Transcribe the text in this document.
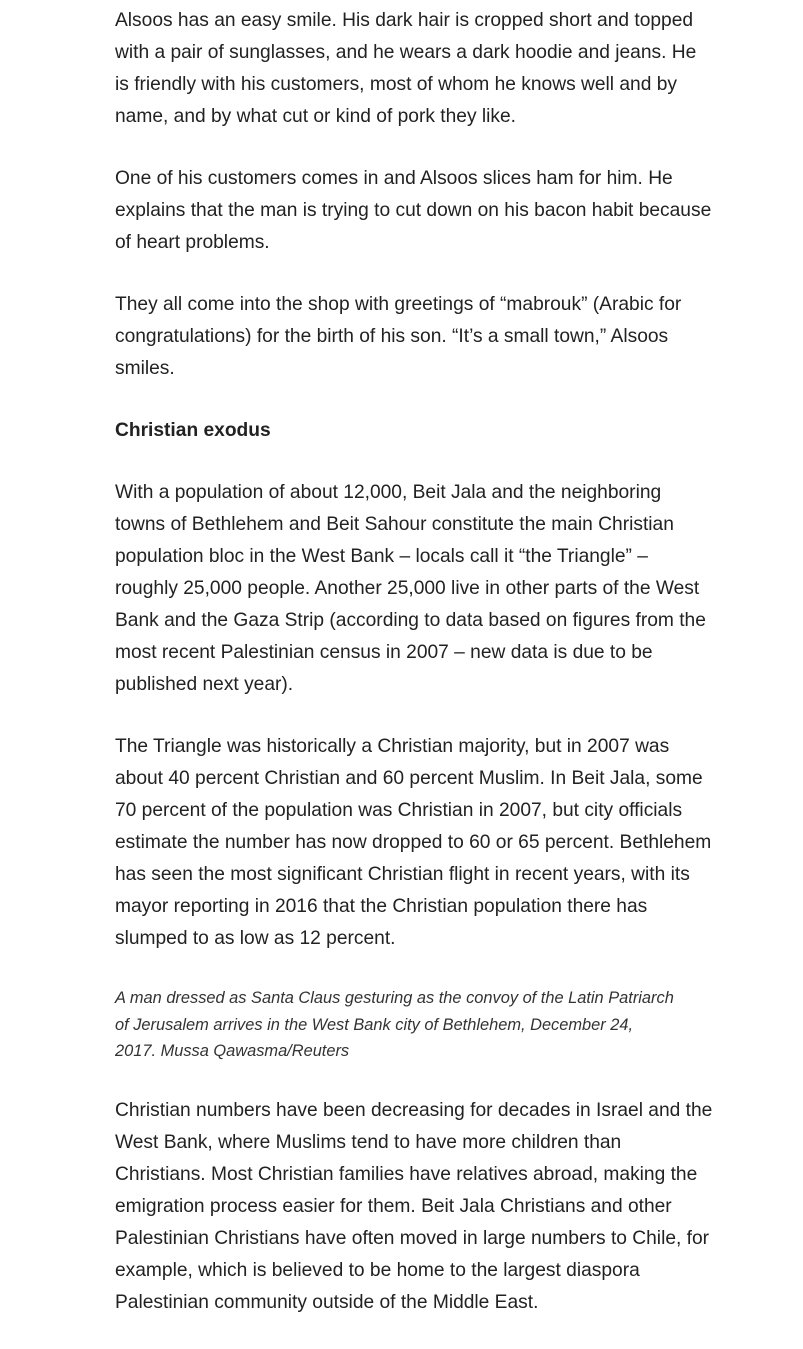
Alsoos has an easy smile. His dark hair is cropped short and topped with a pair of sunglasses, and he wears a dark hoodie and jeans. He is friendly with his customers, most of whom he knows well and by name, and by what cut or kind of pork they like.

One of his customers comes in and Alsoos slices ham for him. He explains that the man is trying to cut down on his bacon habit because of heart problems.

They all come into the shop with greetings of “mabrouk” (Arabic for congratulations) for the birth of his son. “It’s a small town,” Alsoos smiles.

Christian exodus

With a population of about 12,000, Beit Jala and the neighboring towns of Bethlehem and Beit Sahour constitute the main Christian population bloc in the West Bank – locals call it “the Triangle” – roughly 25,000 people. Another 25,000 live in other parts of the West Bank and the Gaza Strip (according to data based on figures from the most recent Palestinian census in 2007 – new data is due to be published next year).

The Triangle was historically a Christian majority, but in 2007 was about 40 percent Christian and 60 percent Muslim. In Beit Jala, some 70 percent of the population was Christian in 2007, but city officials estimate the number has now dropped to 60 or 65 percent. Bethlehem has seen the most significant Christian flight in recent years, with its mayor reporting in 2016 that the Christian population there has slumped to as low as 12 percent.

A man dressed as Santa Claus gesturing as the convoy of the Latin Patriarch of Jerusalem arrives in the West Bank city of Bethlehem, December 24, 2017. Mussa Qawasma/Reuters

Christian numbers have been decreasing for decades in Israel and the West Bank, where Muslims tend to have more children than Christians. Most Christian families have relatives abroad, making the emigration process easier for them. Beit Jala Christians and other Palestinian Christians have often moved in large numbers to Chile, for example, which is believed to be home to the largest diaspora Palestinian community outside of the Middle East.
